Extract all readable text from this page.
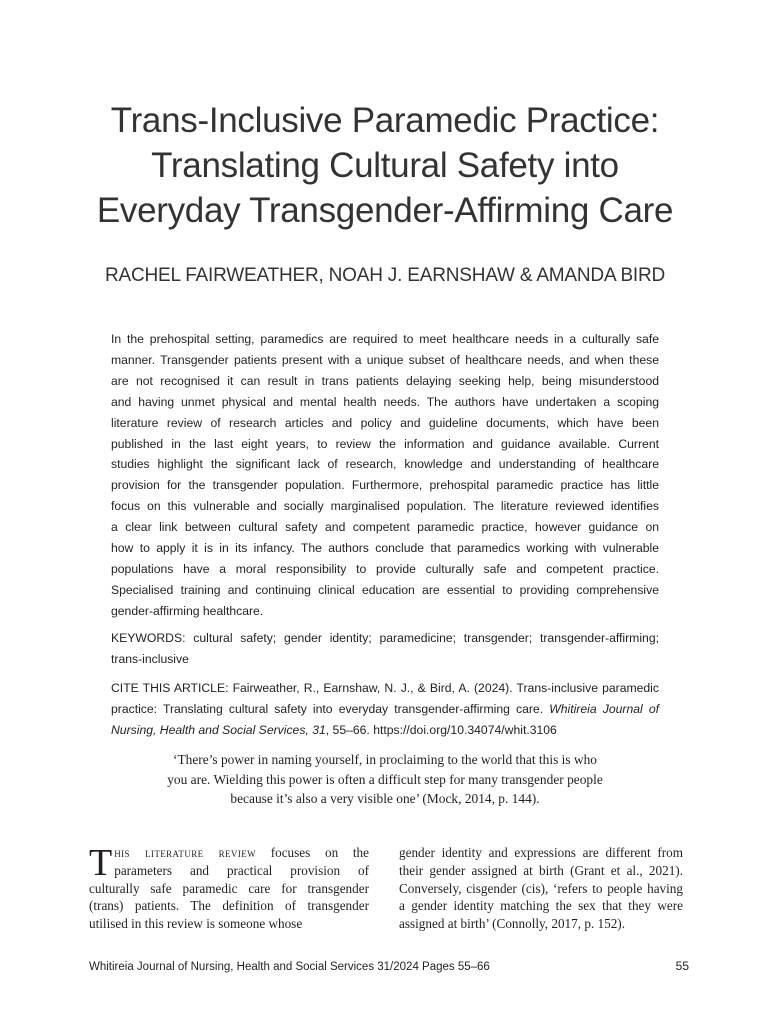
Trans-Inclusive Paramedic Practice:
Translating Cultural Safety into
Everyday Transgender-Affirming Care
RACHEL FAIRWEATHER, NOAH J. EARNSHAW & AMANDA BIRD
In the prehospital setting, paramedics are required to meet healthcare needs in a culturally safe
manner. Transgender patients present with a unique subset of healthcare needs, and when these
are not recognised it can result in trans patients delaying seeking help, being misunderstood
and having unmet physical and mental health needs. The authors have undertaken a scoping
literature review of research articles and policy and guideline documents, which have been
published in the last eight years, to review the information and guidance available. Current
studies highlight the significant lack of research, knowledge and understanding of healthcare
provision for the transgender population. Furthermore, prehospital paramedic practice has little
focus on this vulnerable and socially marginalised population. The literature reviewed identifies
a clear link between cultural safety and competent paramedic practice, however guidance on
how to apply it is in its infancy. The authors conclude that paramedics working with vulnerable
populations have a moral responsibility to provide culturally safe and competent practice.
Specialised training and continuing clinical education are essential to providing comprehensive
gender-affirming healthcare.
KEYWORDS: cultural safety; gender identity; paramedicine; transgender; transgender-affirming;
trans-inclusive
CITE THIS ARTICLE: Fairweather, R., Earnshaw, N. J., & Bird, A. (2024). Trans-inclusive paramedic
practice: Translating cultural safety into everyday transgender-affirming care. Whitireia Journal of
Nursing, Health and Social Services, 31, 55–66. https://doi.org/10.34074/whit.3106
‘There’s power in naming yourself, in proclaiming to the world that this is who
you are. Wielding this power is often a difficult step for many transgender people
because it’s also a very visible one’ (Mock, 2014, p. 144).
T his literature review focuses on the
parameters and practical provision of
culturally safe paramedic care for transgender
(trans) patients. The definition of transgender
utilised in this review is someone whose
gender identity and expressions are different from
their gender assigned at birth (Grant et al., 2021).
Conversely, cisgender (cis), ‘refers to people having
a gender identity matching the sex that they were
assigned at birth’ (Connolly, 2017, p. 152).
Whitireia Journal of Nursing, Health and Social Services 31/2024 Pages 55–66	55
